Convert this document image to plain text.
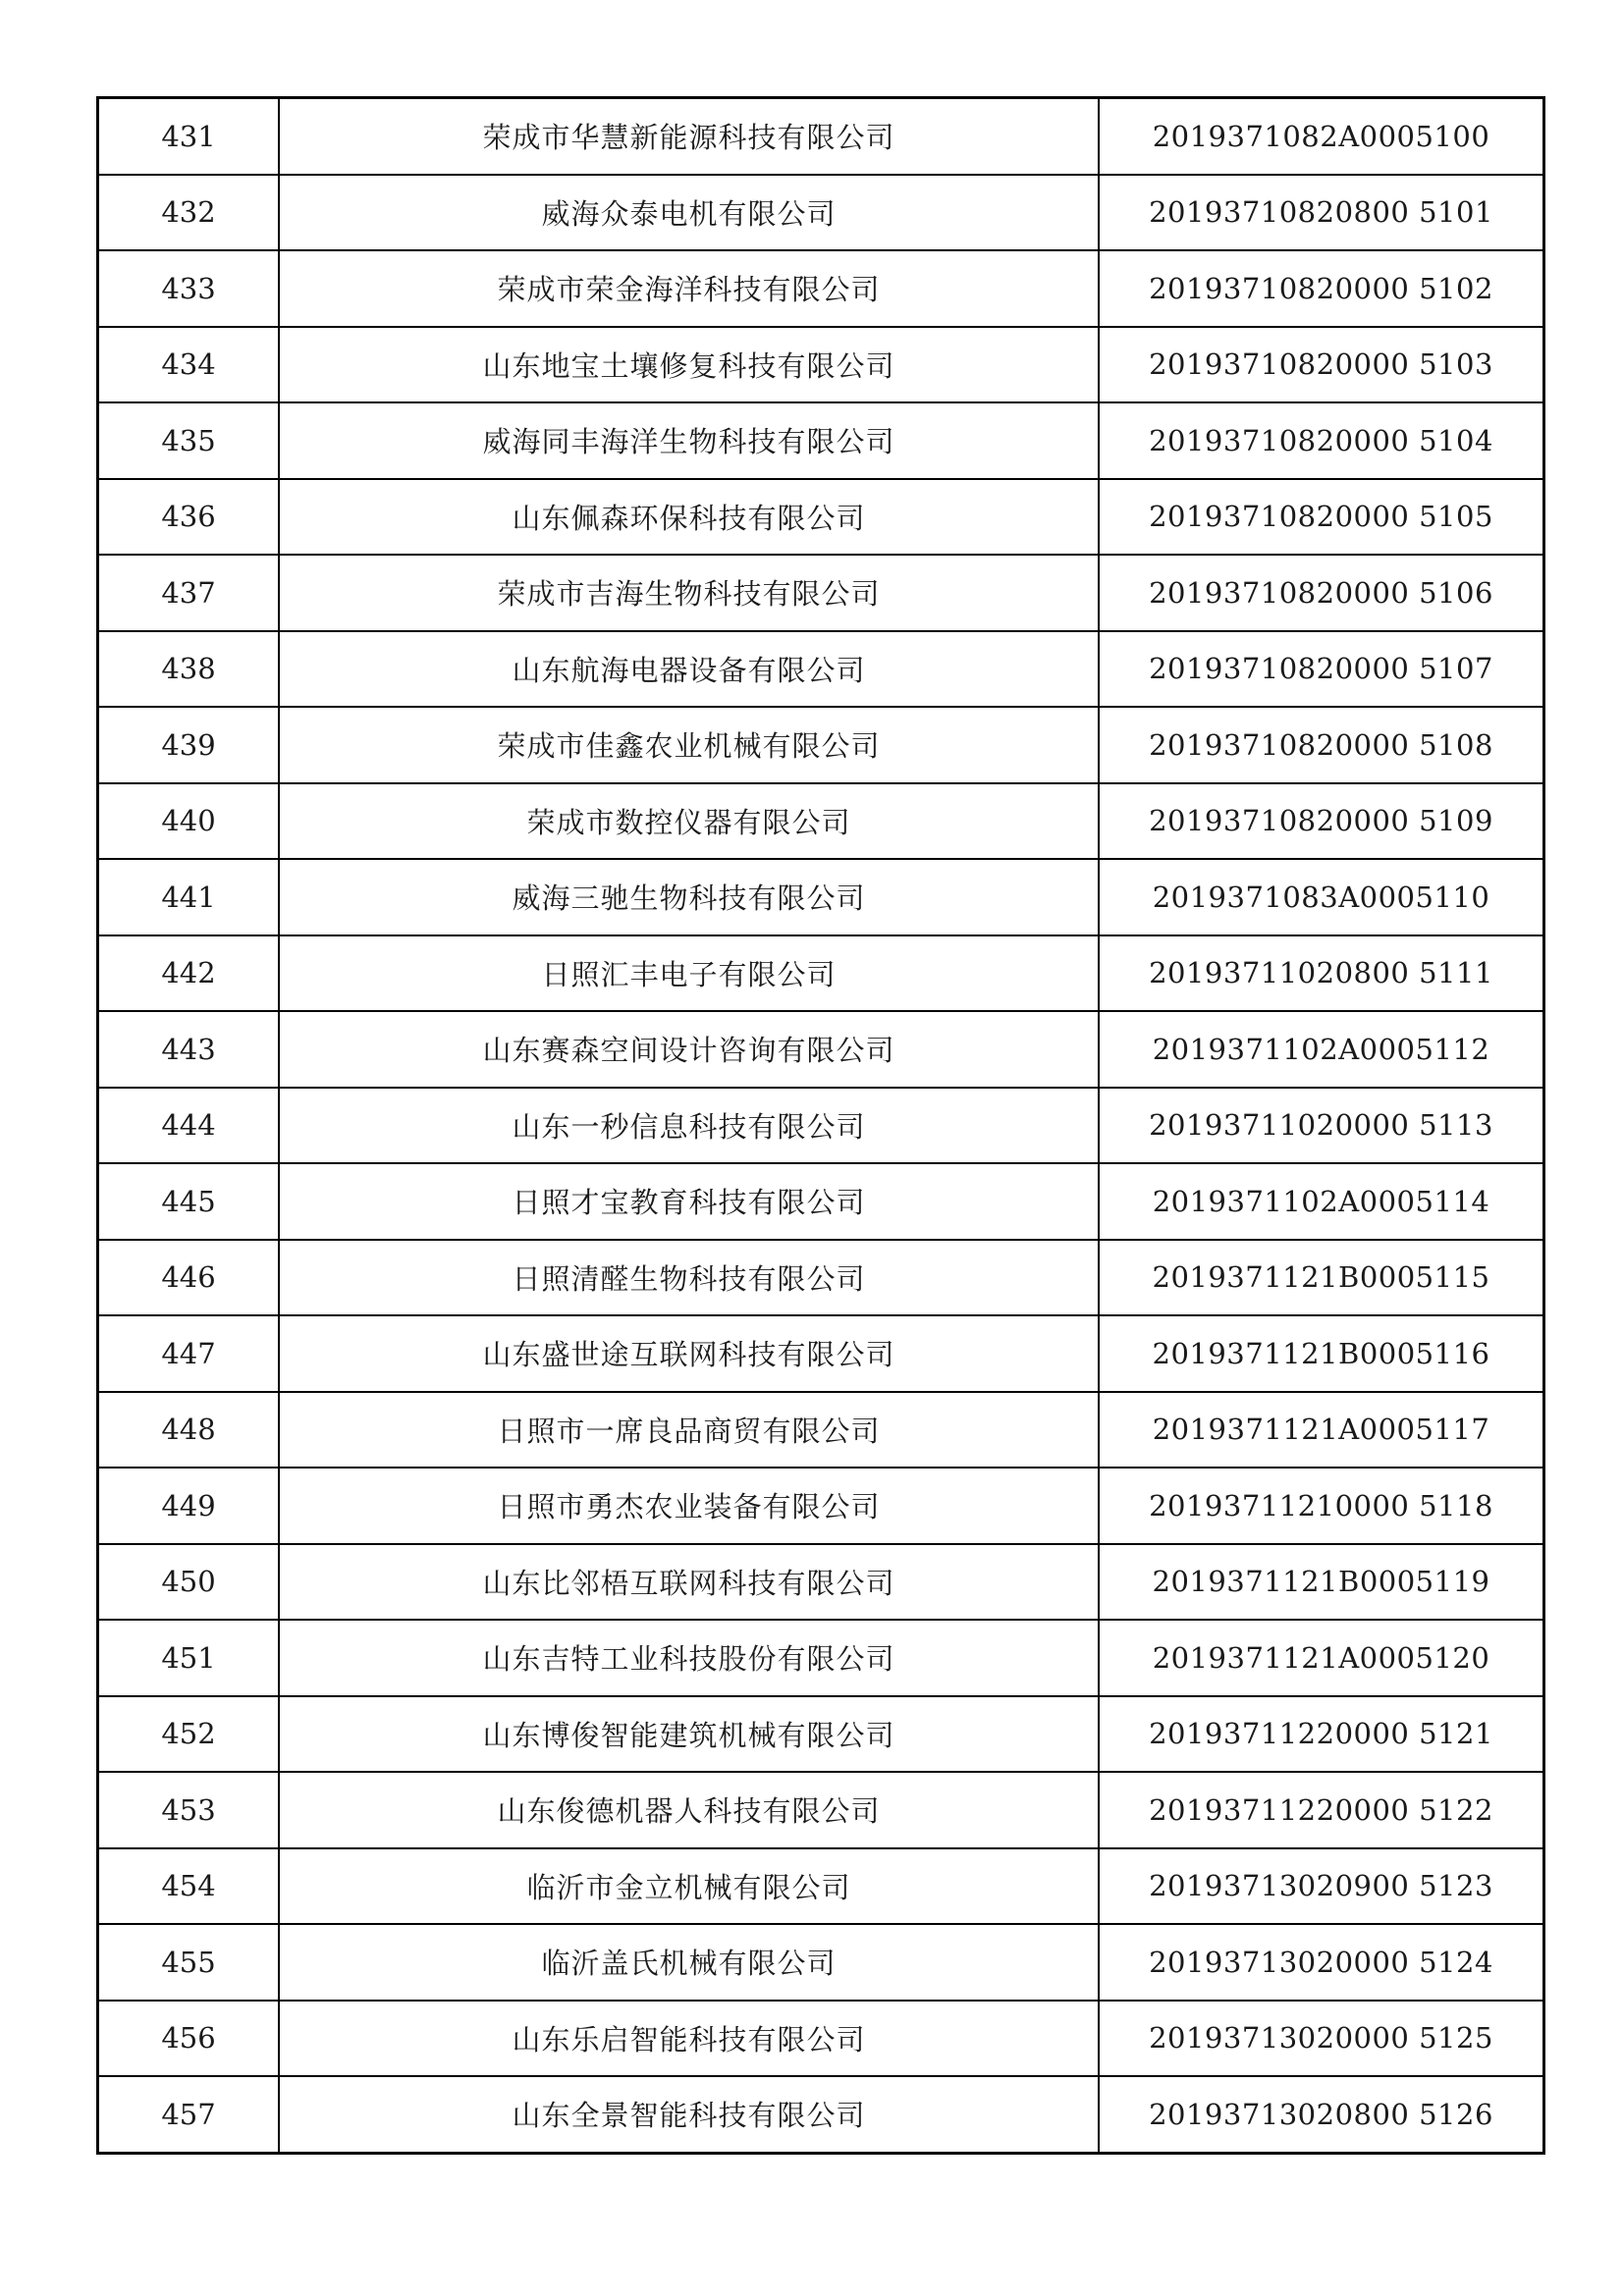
431	荣成市华慧新能源科技有限公司	2019371082A0005100
432	威海众泰电机有限公司	20193710820800 5101
433	荣成市荣金海洋科技有限公司	20193710820000 5102
434	山东地宝土壤修复科技有限公司	20193710820000 5103
435	威海同丰海洋生物科技有限公司	20193710820000 5104
436	山东佩森环保科技有限公司	20193710820000 5105
437	荣成市吉海生物科技有限公司	20193710820000 5106
438	山东航海电器设备有限公司	20193710820000 5107
439	荣成市佳鑫农业机械有限公司	20193710820000 5108
440	荣成市数控仪器有限公司	20193710820000 5109
441	威海三驰生物科技有限公司	2019371083A0005110
442	日照汇丰电子有限公司	20193711020800 5111
443	山东赛森空间设计咨询有限公司	2019371102A0005112
444	山东一秒信息科技有限公司	20193711020000 5113
445	日照才宝教育科技有限公司	2019371102A0005114
446	日照清醛生物科技有限公司	2019371121B0005115
447	山东盛世途互联网科技有限公司	2019371121B0005116
448	日照市一席良品商贸有限公司	2019371121A0005117
449	日照市勇杰农业装备有限公司	20193711210000 5118
450	山东比邻梧互联网科技有限公司	2019371121B0005119
451	山东吉特工业科技股份有限公司	2019371121A0005120
452	山东博俊智能建筑机械有限公司	20193711220000 5121
453	山东俊德机器人科技有限公司	20193711220000 5122
454	临沂市金立机械有限公司	20193713020900 5123
455	临沂盖氏机械有限公司	20193713020000 5124
456	山东乐启智能科技有限公司	20193713020000 5125
457	山东全景智能科技有限公司	20193713020800 5126
